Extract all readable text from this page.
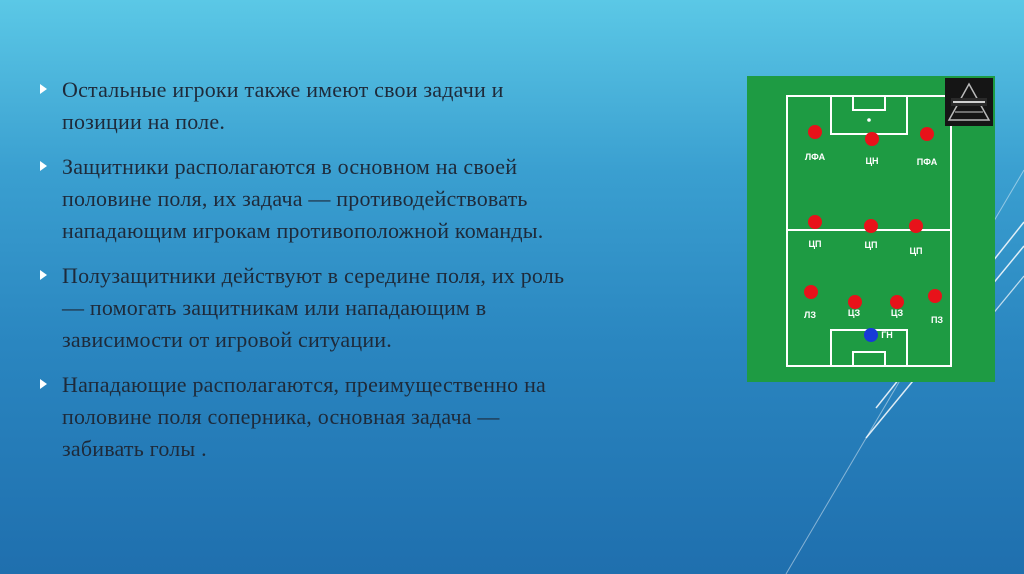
Остальные игроки также имеют свои задачи и
позиции на поле.
Защитники располагаются в основном на своей
половине поля, их задача — противодействовать
нападающим игрокам противоположной команды.
Полузащитники действуют в середине поля, их роль
— помогать защитникам или нападающим в
зависимости от игровой ситуации.
Нападающие располагаются, преимущественно на
половине поля соперника, основная задача —
забивать голы .
ЛФА	ЦН	ПФА
ЦП	ЦП
ЦП
ЛЗ	ЦЗ	ЦЗ
ПЗ
ГН
